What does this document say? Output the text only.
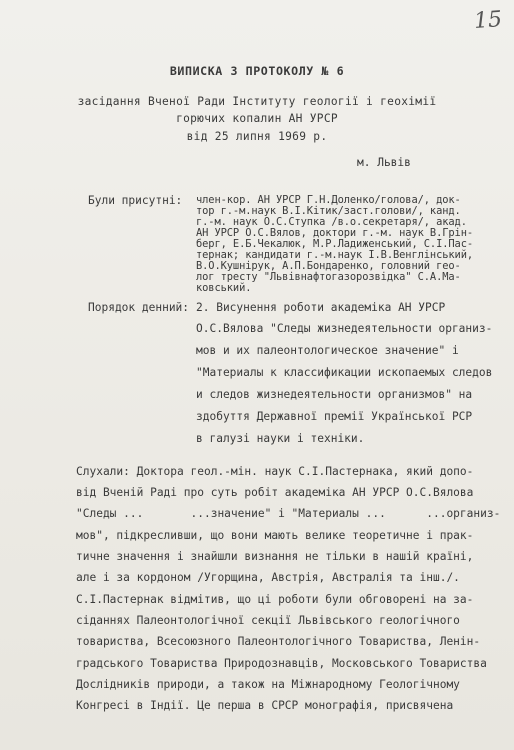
15
ВИПИСКА З ПРОТОКОЛУ № 6
засідання Вченої Ради Інституту геології і геохімії
горючих копалин АН УРСР
від 25 липня 1969 р.
м. Львів
Були присутні: член-кор. АН УРСР Г.Н.Доленко/голова/, док-
тор г.-м.наук В.І.Кітик/заст.голови/, канд.
г.-м. наук О.С.Ступка /в.о.секретаря/, акад.
АН УРСР О.С.Вялов, доктори г.-м. наук В.Грін-
берг, Е.Б.Чекалюк, М.Р.Ладиженський, С.І.Пас-
тернак; кандидати г.-м.наук І.В.Венглінський,
В.О.Кушнірук, А.П.Бондаренко, головний гео-
лог тресту "Львівнафтогазорозвідка" С.А.Ма-
ковський.
Порядок денний: 2. Висунення роботи академіка АН УРСР
О.С.Вялова "Следы жизнедеятельности организ-
мов и их палеонтологическое значение" і
"Материалы к классификации ископаемых следов
и следов жизнедеятельности организмов" на
здобуття Державної премії Української РСР
в галузі науки і техніки.
Слухали: Доктора геол.-мін. наук С.І.Пастернака, який допо-
від Вченій Раді про суть робіт академіка АН УРСР О.С.Вялова
"Следы ...       ...значение" і "Материалы ...      ...организ-
мов", підкресливши, що вони мають велике теоретичне і прак-
тичне значення і знайшли визнання не тільки в нашій країні,
але і за кордоном /Угорщина, Австрія, Австралія та інш./.
С.І.Пастернак відмітив, що ці роботи були обговорені на за-
сіданнях Палеонтологічної секції Львівського геологічного
товариства, Всесоюзного Палеонтологічного Товариства, Ленін-
градського Товариства Природознавців, Московського Товариства
Дослідників природи, а також на Міжнародному Геологічному
Конгресі в Індії. Це перша в СРСР монографія, присвячена
